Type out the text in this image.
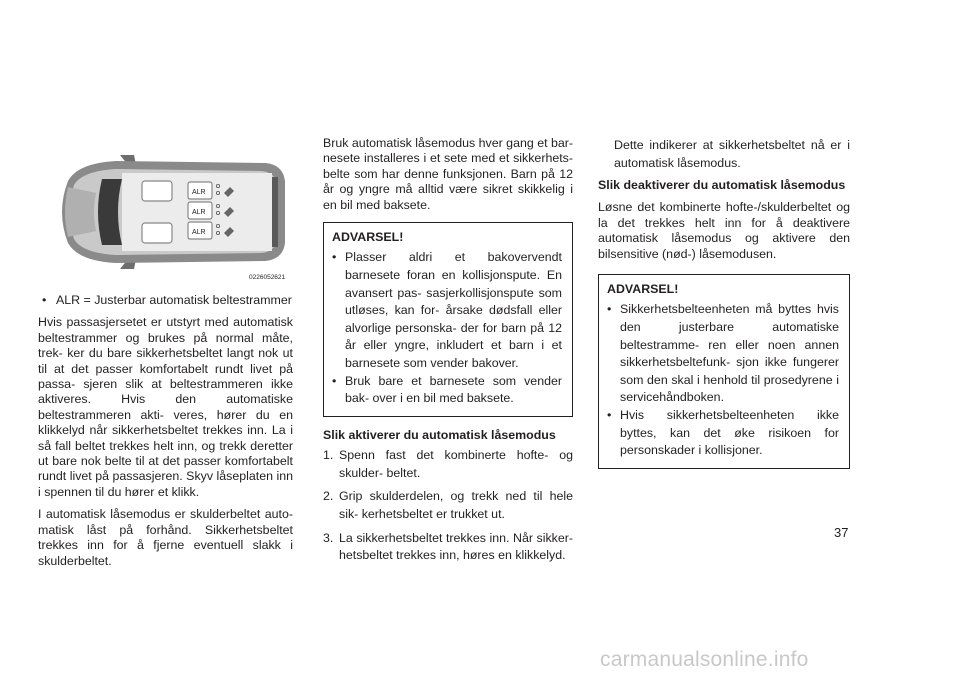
ALR
ALR
ALR
0226052621

• ALR = Justerbar automatisk beltestrammer

Hvis passasjersetet er utstyrt med automatisk beltestrammer og brukes på normal måte, trek- ker du bare sikkerhetsbeltet langt nok ut til at det passer komfortabelt rundt livet på passa- sjeren slik at beltestrammeren ikke aktiveres. Hvis den automatiske beltestrammeren akti- veres, hører du en klikkelyd når sikkerhetsbeltet trekkes inn. La i så fall beltet trekkes helt inn, og trekk deretter ut bare nok belte til at det passer komfortabelt rundt livet på passasjeren. Skyv låseplaten inn i spennen til du hører et klikk.

I automatisk låsemodus er skulderbeltet auto- matisk låst på forhånd. Sikkerhetsbeltet trekkes inn for å fjerne eventuell slakk i skulderbeltet.

Bruk automatisk låsemodus hver gang et bar- nesete installeres i et sete med et sikkerhets- belte som har denne funksjonen. Barn på 12 år og yngre må alltid være sikret skikkelig i en bil med baksete.

ADVARSEL!

• Plasser aldri et bakovervendt barnesete foran en kollisjonspute. En avansert pas- sasjerkollisjonspute som utløses, kan for- årsake dødsfall eller alvorlige personska- der for barn på 12 år eller yngre, inkludert et barn i et barnesete som vender bakover.

• Bruk bare et barnesete som vender bak- over i en bil med baksete.

Slik aktiverer du automatisk låsemodus

1. Spenn fast det kombinerte hofte- og skulder- beltet.

2. Grip skulderdelen, og trekk ned til hele sik- kerhetsbeltet er trukket ut.

3. La sikkerhetsbeltet trekkes inn. Når sikker- hetsbeltet trekkes inn, høres en klikkelyd.

Dette indikerer at sikkerhetsbeltet nå er i automatisk låsemodus.

Slik deaktiverer du automatisk låsemodus

Løsne det kombinerte hofte-/skulderbeltet og la det trekkes helt inn for å deaktivere automatisk låsemodus og aktivere den bilsensitive (nød-) låsemodusen.

ADVARSEL!

• Sikkerhetsbelteenheten må byttes hvis den justerbare automatiske beltestramme- ren eller noen annen sikkerhetsbeltefunk- sjon ikke fungerer som den skal i henhold til prosedyrene i servicehåndboken.

• Hvis sikkerhetsbelteenheten ikke byttes, kan det øke risikoen for personskader i kollisjoner.

37
carmanualsonline.info
